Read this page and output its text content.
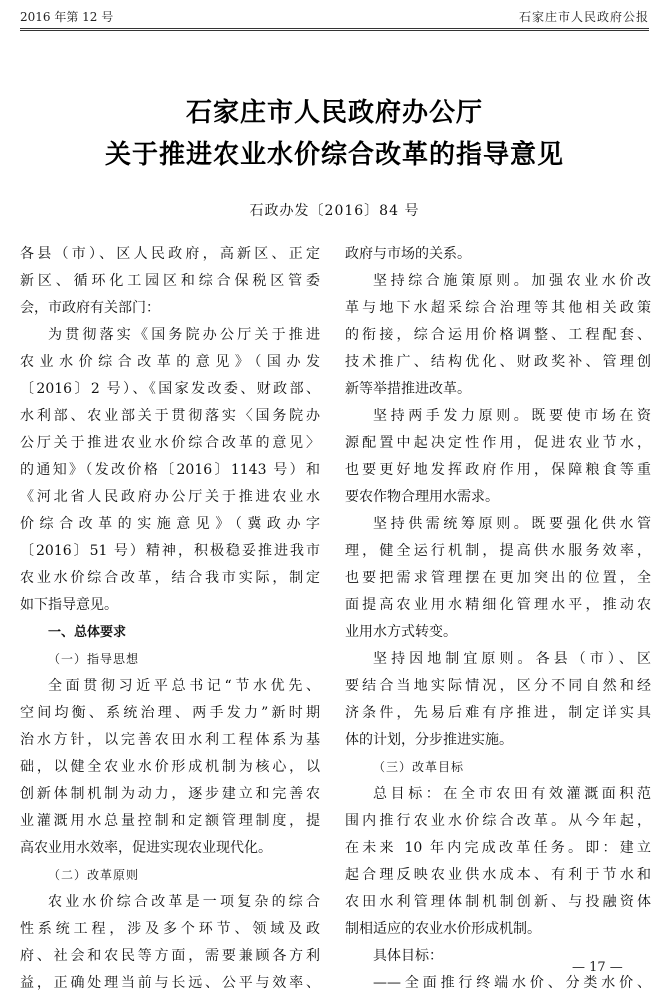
2016 年第 12 号	石家庄市人民政府公报
石家庄市人民政府办公厅
关于推进农业水价综合改革的指导意见
石政办发〔2016〕84 号
各县（市）、区人民政府，高新区、正定
新区、循环化工园区和综合保税区管委
会，市政府有关部门：
为贯彻落实《国务院办公厅关于推进
农业水价综合改革的意见》（国办发
〔2016〕2 号）、《国家发改委、财政部、
水利部、农业部关于贯彻落实〈国务院办
公厅关于推进农业水价综合改革的意见〉
的通知》（发改价格〔2016〕1143 号）和
《河北省人民政府办公厅关于推进农业水
价综合改革的实施意见》（冀政办字
〔2016〕51 号）精神，积极稳妥推进我市
农业水价综合改革，结合我市实际，制定
如下指导意见。
一、总体要求
（一）指导思想
全面贯彻习近平总书记“节水优先、
空间均衡、系统治理、两手发力”新时期
治水方针，以完善农田水利工程体系为基
础，以健全农业水价形成机制为核心，以
创新体制机制为动力，逐步建立和完善农
业灌溉用水总量控制和定额管理制度，提
高农业用水效率，促进实现农业现代化。
（二）改革原则
农业水价综合改革是一项复杂的综合
性系统工程，涉及多个环节、领域及政
府、社会和农民等方面，需要兼顾各方利
益，正确处理当前与长远、公平与效率、
政府与市场的关系。
坚持综合施策原则。加强农业水价改
革与地下水超采综合治理等其他相关政策
的衔接，综合运用价格调整、工程配套、
技术推广、结构优化、财政奖补、管理创
新等举措推进改革。
坚持两手发力原则。既要使市场在资
源配置中起决定性作用，促进农业节水，
也要更好地发挥政府作用，保障粮食等重
要农作物合理用水需求。
坚持供需统筹原则。既要强化供水管
理，健全运行机制，提高供水服务效率，
也要把需求管理摆在更加突出的位置，全
面提高农业用水精细化管理水平，推动农
业用水方式转变。
坚持因地制宜原则。各县（市）、区
要结合当地实际情况，区分不同自然和经
济条件，先易后难有序推进，制定详实具
体的计划，分步推进实施。
（三）改革目标
总目标：在全市农田有效灌溉面积范
围内推行农业水价综合改革。从今年起，
在未来 10 年内完成改革任务。即：建立
起合理反映农业供水成本、有利于节水和
农田水利管理体制机制创新、与投融资体
制相适应的农业水价形成机制。
具体目标：
——全面推行终端水价、分类水价、
— 17 —
